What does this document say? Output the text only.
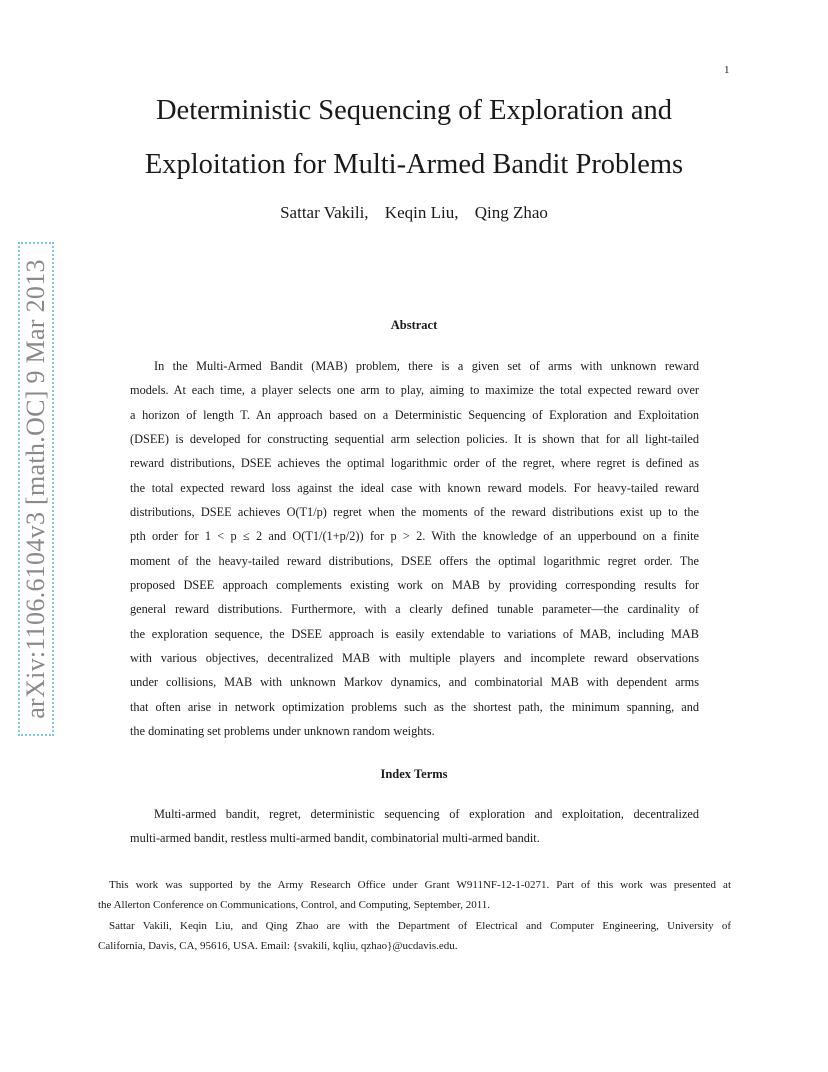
1
arXiv:1106.6104v3 [math.OC] 9 Mar 2013
Deterministic Sequencing of Exploration and
Exploitation for Multi-Armed Bandit Problems
Sattar Vakili, Keqin Liu, Qing Zhao
Abstract
In the Multi-Armed Bandit (MAB) problem, there is a given set of arms with unknown reward
models. At each time, a player selects one arm to play, aiming to maximize the total expected reward over
a horizon of length T. An approach based on a Deterministic Sequencing of Exploration and Exploitation
(DSEE) is developed for constructing sequential arm selection policies. It is shown that for all light-tailed
reward distributions, DSEE achieves the optimal logarithmic order of the regret, where regret is defined as
the total expected reward loss against the ideal case with known reward models. For heavy-tailed reward
distributions, DSEE achieves O(T1/p) regret when the moments of the reward distributions exist up to the
pth order for 1 < p ≤ 2 and O(T1/(1+p/2)) for p > 2. With the knowledge of an upperbound on a finite
moment of the heavy-tailed reward distributions, DSEE offers the optimal logarithmic regret order. The
proposed DSEE approach complements existing work on MAB by providing corresponding results for
general reward distributions. Furthermore, with a clearly defined tunable parameter—the cardinality of
the exploration sequence, the DSEE approach is easily extendable to variations of MAB, including MAB
with various objectives, decentralized MAB with multiple players and incomplete reward observations
under collisions, MAB with unknown Markov dynamics, and combinatorial MAB with dependent arms
that often arise in network optimization problems such as the shortest path, the minimum spanning, and
the dominating set problems under unknown random weights.
Index Terms
Multi-armed bandit, regret, deterministic sequencing of exploration and exploitation, decentralized
multi-armed bandit, restless multi-armed bandit, combinatorial multi-armed bandit.
This work was supported by the Army Research Office under Grant W911NF-12-1-0271. Part of this work was presented at
the Allerton Conference on Communications, Control, and Computing, September, 2011.
Sattar Vakili, Keqin Liu, and Qing Zhao are with the Department of Electrical and Computer Engineering, University of
California, Davis, CA, 95616, USA. Email: {svakili, kqliu, qzhao}@ucdavis.edu.
